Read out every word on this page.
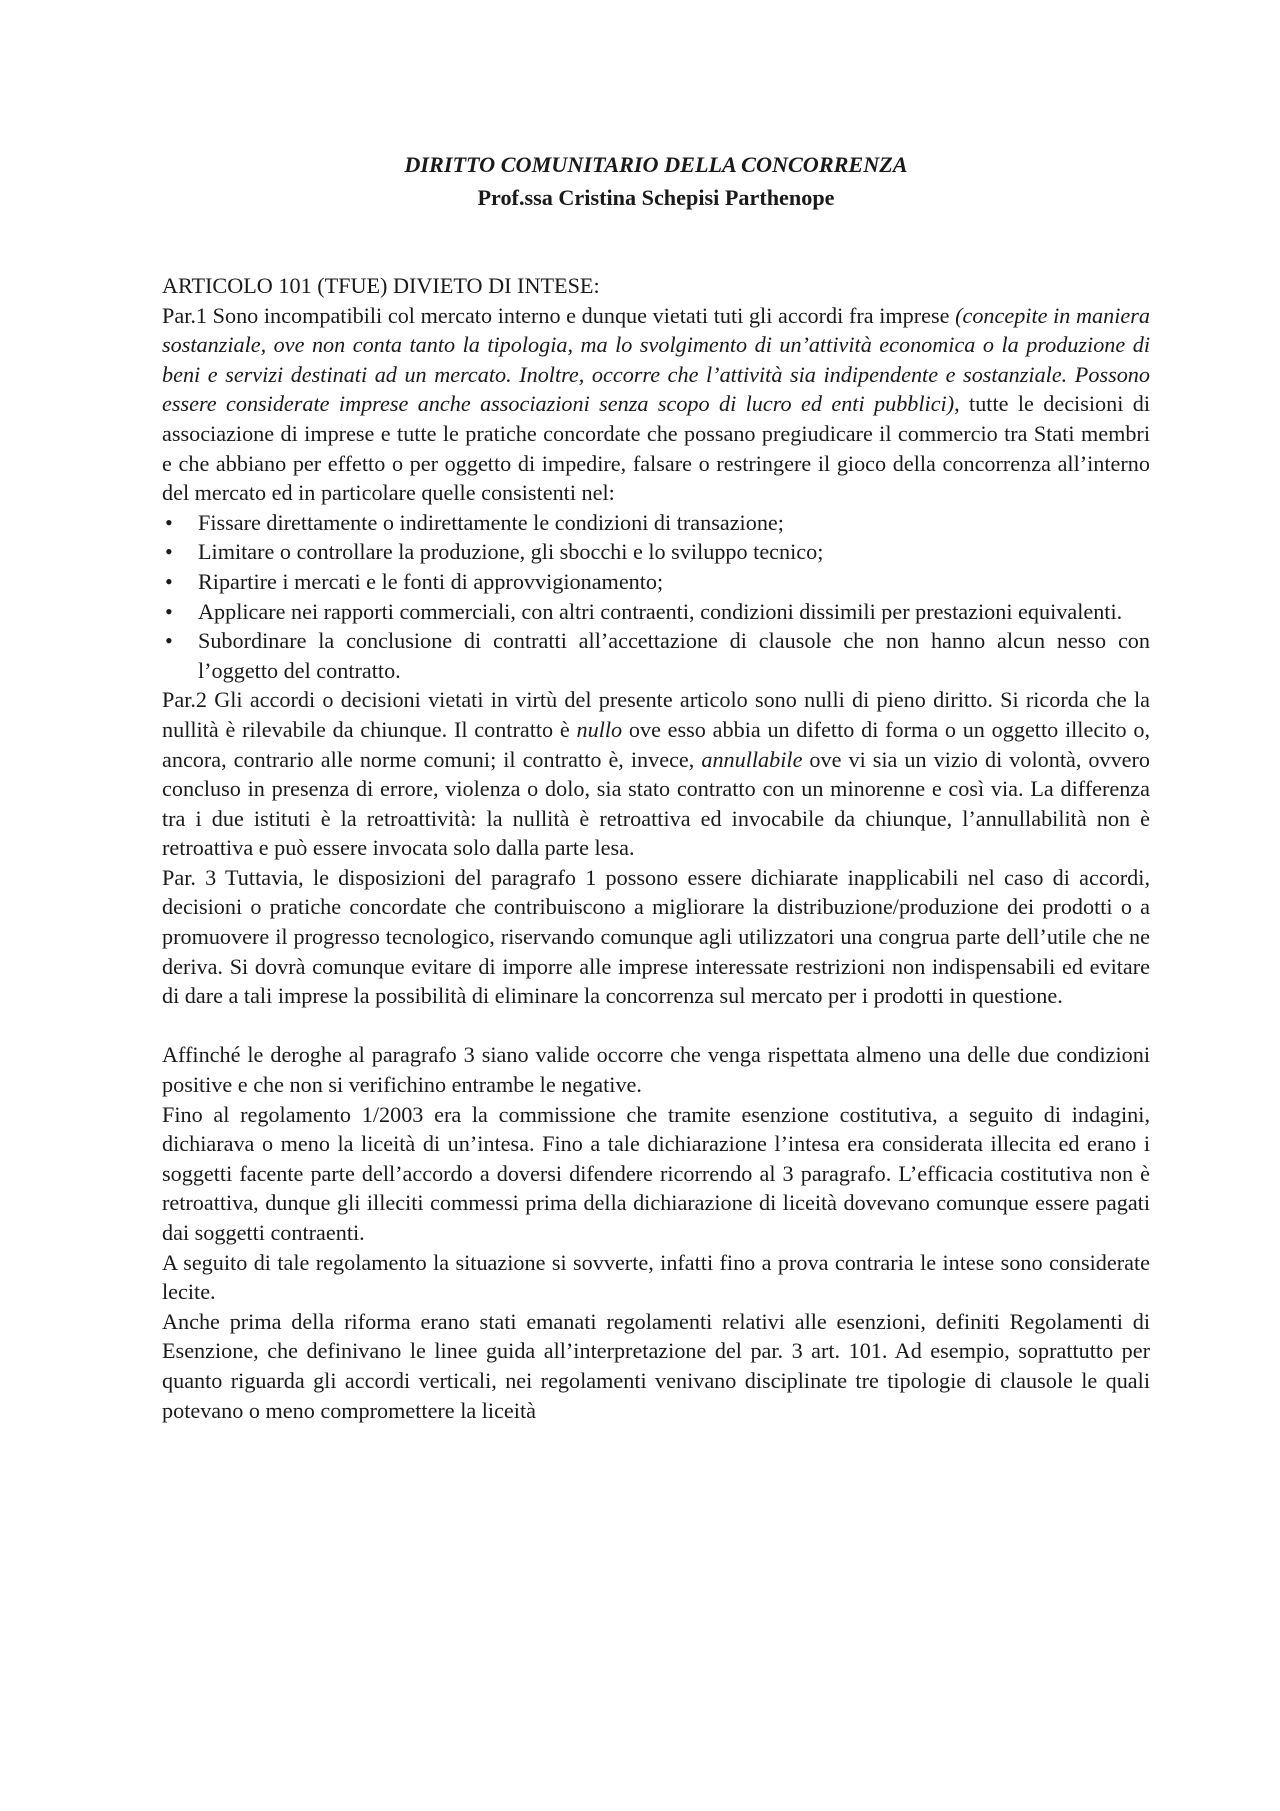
DIRITTO COMUNITARIO DELLA CONCORRENZA
Prof.ssa Cristina Schepisi Parthenope

ARTICOLO 101 (TFUE) DIVIETO DI INTESE:

Par.1 Sono incompatibili col mercato interno e dunque vietati tuti gli accordi fra imprese (concepite in maniera sostanziale, ove non conta tanto la tipologia, ma lo svolgimento di un’attività economica o la produzione di beni e servizi destinati ad un mercato. Inoltre, occorre che l’attività sia indipendente e sostanziale. Possono essere considerate imprese anche associazioni senza scopo di lucro ed enti pubblici), tutte le decisioni di associazione di imprese e tutte le pratiche concordate che possano pregiudicare il commercio tra Stati membri e che abbiano per effetto o per oggetto di impedire, falsare o restringere il gioco della concorrenza all’interno del mercato ed in particolare quelle consistenti nel:

• Fissare direttamente o indirettamente le condizioni di transazione;
• Limitare o controllare la produzione, gli sbocchi e lo sviluppo tecnico;
• Ripartire i mercati e le fonti di approvvigionamento;
• Applicare nei rapporti commerciali, con altri contraenti, condizioni dissimili per prestazioni equivalenti.
• Subordinare la conclusione di contratti all’accettazione di clausole che non hanno alcun nesso con l’oggetto del contratto.

Par.2 Gli accordi o decisioni vietati in virtù del presente articolo sono nulli di pieno diritto. Si ricorda che la nullità è rilevabile da chiunque. Il contratto è nullo ove esso abbia un difetto di forma o un oggetto illecito o, ancora, contrario alle norme comuni; il contratto è, invece, annullabile ove vi sia un vizio di volontà, ovvero concluso in presenza di errore, violenza o dolo, sia stato contratto con un minorenne e così via. La differenza tra i due istituti è la retroattività: la nullità è retroattiva ed invocabile da chiunque, l’annullabilità non è retroattiva e può essere invocata solo dalla parte lesa.

Par. 3 Tuttavia, le disposizioni del paragrafo 1 possono essere dichiarate inapplicabili nel caso di accordi, decisioni o pratiche concordate che contribuiscono a migliorare la distribuzione/produzione dei prodotti o a promuovere il progresso tecnologico, riservando comunque agli utilizzatori una congrua parte dell’utile che ne deriva. Si dovrà comunque evitare di imporre alle imprese interessate restrizioni non indispensabili ed evitare di dare a tali imprese la possibilità di eliminare la concorrenza sul mercato per i prodotti in questione.

Affinché le deroghe al paragrafo 3 siano valide occorre che venga rispettata almeno una delle due condizioni positive e che non si verifichino entrambe le negative.

Fino al regolamento 1/2003 era la commissione che tramite esenzione costitutiva, a seguito di indagini, dichiarava o meno la liceità di un’intesa. Fino a tale dichiarazione l’intesa era considerata illecita ed erano i soggetti facente parte dell’accordo a doversi difendere ricorrendo al 3 paragrafo. L’efficacia costitutiva non è retroattiva, dunque gli illeciti commessi prima della dichiarazione di liceità dovevano comunque essere pagati dai soggetti contraenti.

A seguito di tale regolamento la situazione si sovverte, infatti fino a prova contraria le intese sono considerate lecite.

Anche prima della riforma erano stati emanati regolamenti relativi alle esenzioni, definiti Regolamenti di Esenzione, che definivano le linee guida all’interpretazione del par. 3 art. 101. Ad esempio, soprattutto per quanto riguarda gli accordi verticali, nei regolamenti venivano disciplinate tre tipologie di clausole le quali potevano o meno compromettere la liceità
